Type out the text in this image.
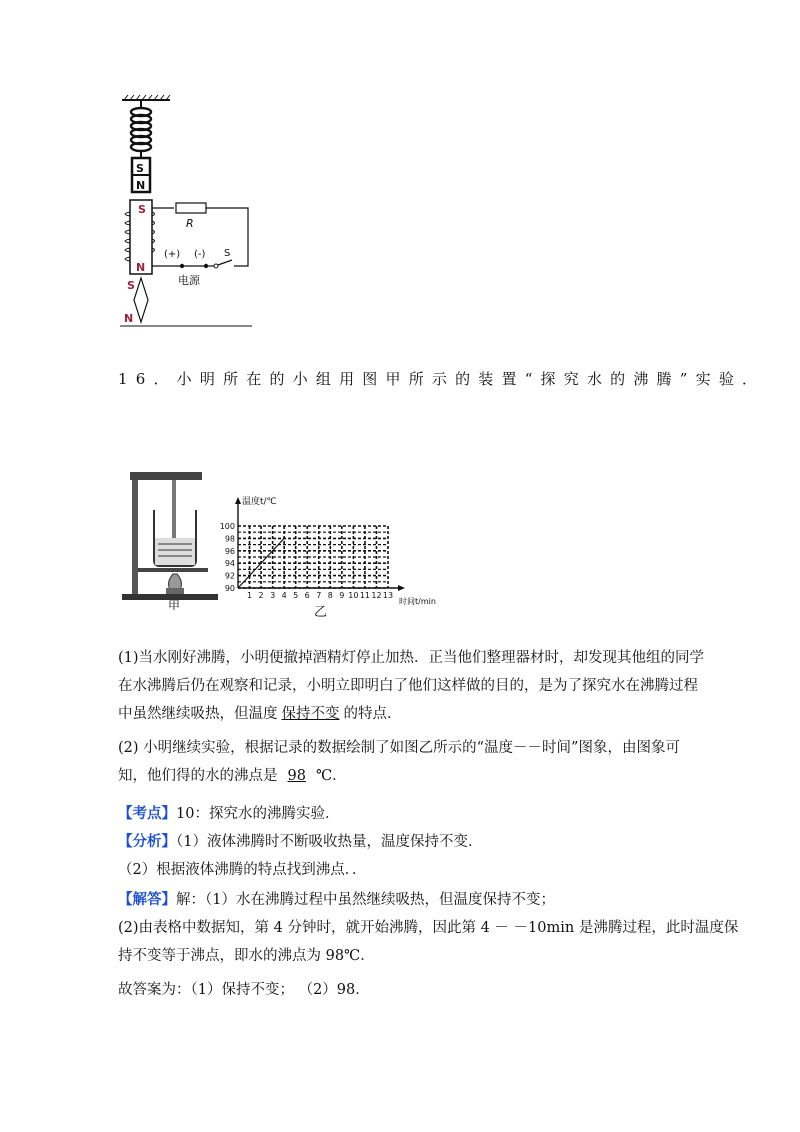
S
N
S
N
R
(+) (-) S
电源
S
N
16．小明所在的小组用图甲所示的装置“探究水的沸腾”实验．
甲
温度t/℃
时间t/min
乙
1 2 3 4 5 6 7 8 9 10 11 12 13
90
92
94
96
98
100
(1)当水刚好沸腾，小明便撤掉酒精灯停止加热．正当他们整理器材时，却发现其他组的同学
在水沸腾后仍在观察和记录，小明立即明白了他们这样做的目的，是为了探究水在沸腾过程
中虽然继续吸热，但温度 保持不变 的特点．
(2) 小明继续实验，根据记录的数据绘制了如图乙所示的“温度－－时间”图象，由图象可
知，他们得的水的沸点是 98 ℃．
【考点】10：探究水的沸腾实验．
【分析】（1）液体沸腾时不断吸收热量，温度保持不变．
（2）根据液体沸腾的特点找到沸点．．
【解答】解：（1）水在沸腾过程中虽然继续吸热，但温度保持不变；
(2)由表格中数据知，第 4 分钟时，就开始沸腾，因此第 4 － －10min 是沸腾过程，此时温度保
持不变等于沸点，即水的沸点为 98℃．
故答案为：（1）保持不变； （2）98．
